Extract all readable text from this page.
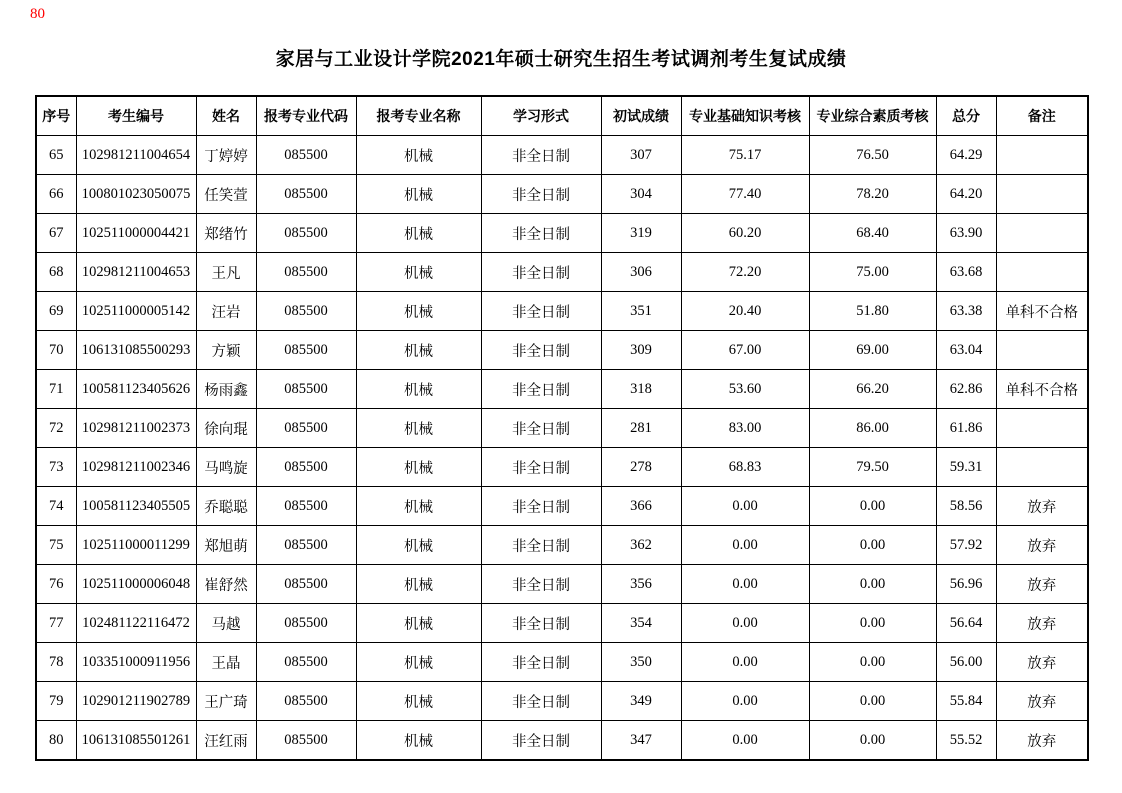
80
家居与工业设计学院2021年硕士研究生招生考试调剂考生复试成绩
序号	考生编号	姓名	报考专业代码	报考专业名称	学习形式	初试成绩	专业基础知识考核	专业综合素质考核	总分	备注
65	102981211004654	丁婷婷	085500	机械	非全日制	307	75.17	76.50	64.29	
66	100801023050075	任笑萱	085500	机械	非全日制	304	77.40	78.20	64.20	
67	102511000004421	郑绪竹	085500	机械	非全日制	319	60.20	68.40	63.90	
68	102981211004653	王凡	085500	机械	非全日制	306	72.20	75.00	63.68	
69	102511000005142	汪岩	085500	机械	非全日制	351	20.40	51.80	63.38	单科不合格
70	106131085500293	方颖	085500	机械	非全日制	309	67.00	69.00	63.04	
71	100581123405626	杨雨鑫	085500	机械	非全日制	318	53.60	66.20	62.86	单科不合格
72	102981211002373	徐向琨	085500	机械	非全日制	281	83.00	86.00	61.86	
73	102981211002346	马鸣旋	085500	机械	非全日制	278	68.83	79.50	59.31	
74	100581123405505	乔聪聪	085500	机械	非全日制	366	0.00	0.00	58.56	放弃
75	102511000011299	郑旭萌	085500	机械	非全日制	362	0.00	0.00	57.92	放弃
76	102511000006048	崔舒然	085500	机械	非全日制	356	0.00	0.00	56.96	放弃
77	102481122116472	马越	085500	机械	非全日制	354	0.00	0.00	56.64	放弃
78	103351000911956	王晶	085500	机械	非全日制	350	0.00	0.00	56.00	放弃
79	102901211902789	王广琦	085500	机械	非全日制	349	0.00	0.00	55.84	放弃
80	106131085501261	汪红雨	085500	机械	非全日制	347	0.00	0.00	55.52	放弃
